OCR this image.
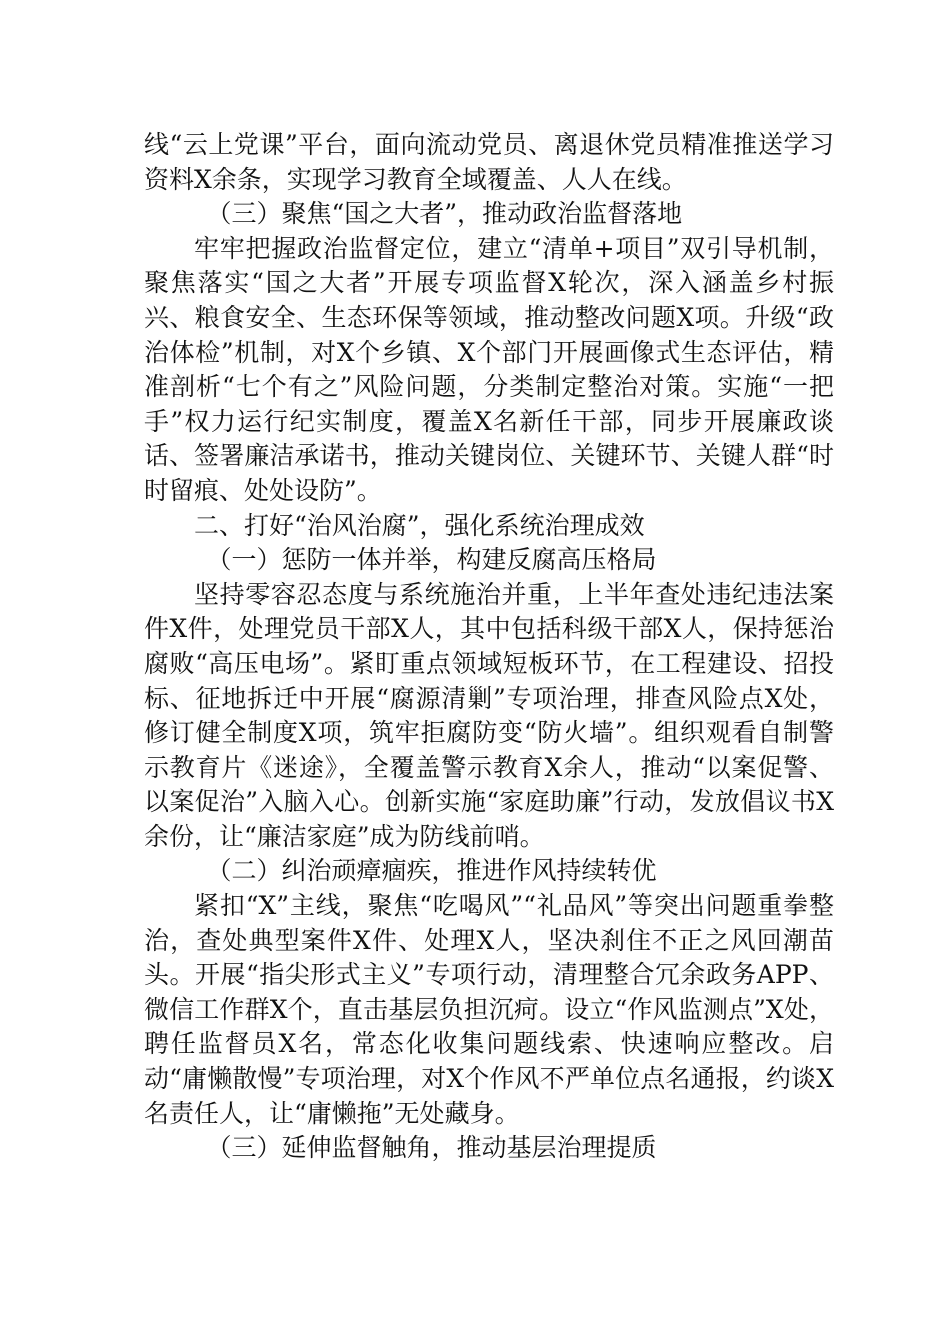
线“云上党课”平台，面向流动党员、离退休党员精准推送学习资料X余条，实现学习教育全域覆盖、人人在线。

（三）聚焦“国之大者”，推动政治监督落地

牢牢把握政治监督定位，建立“清单+项目”双引导机制，聚焦落实“国之大者”开展专项监督X轮次，深入涵盖乡村振兴、粮食安全、生态环保等领域，推动整改问题X项。升级“政治体检”机制，对X个乡镇、X个部门开展画像式生态评估，精准剖析“七个有之”风险问题，分类制定整治对策。实施“一把手”权力运行纪实制度，覆盖X名新任干部，同步开展廉政谈话、签署廉洁承诺书，推动关键岗位、关键环节、关键人群“时时留痕、处处设防”。

二、打好“治风治腐”，强化系统治理成效

（一）惩防一体并举，构建反腐高压格局

坚持零容忍态度与系统施治并重，上半年查处违纪违法案件X件，处理党员干部X人，其中包括科级干部X人，保持惩治腐败“高压电场”。紧盯重点领域短板环节，在工程建设、招投标、征地拆迁中开展“腐源清剿”专项治理，排查风险点X处，修订健全制度X项，筑牢拒腐防变“防火墙”。组织观看自制警示教育片《迷途》，全覆盖警示教育X余人，推动“以案促警、以案促治”入脑入心。创新实施“家庭助廉”行动，发放倡议书X余份，让“廉洁家庭”成为防线前哨。

（二）纠治顽瘴痼疾，推进作风持续转优

紧扣“X”主线，聚焦“吃喝风”“礼品风”等突出问题重拳整治，查处典型案件X件、处理X人，坚决刹住不正之风回潮苗头。开展“指尖形式主义”专项行动，清理整合冗余政务APP、微信工作群X个，直击基层负担沉疴。设立“作风监测点”X处，聘任监督员X名，常态化收集问题线索、快速响应整改。启动“庸懒散慢”专项治理，对X个作风不严单位点名通报，约谈X名责任人，让“庸懒拖”无处藏身。

（三）延伸监督触角，推动基层治理提质
